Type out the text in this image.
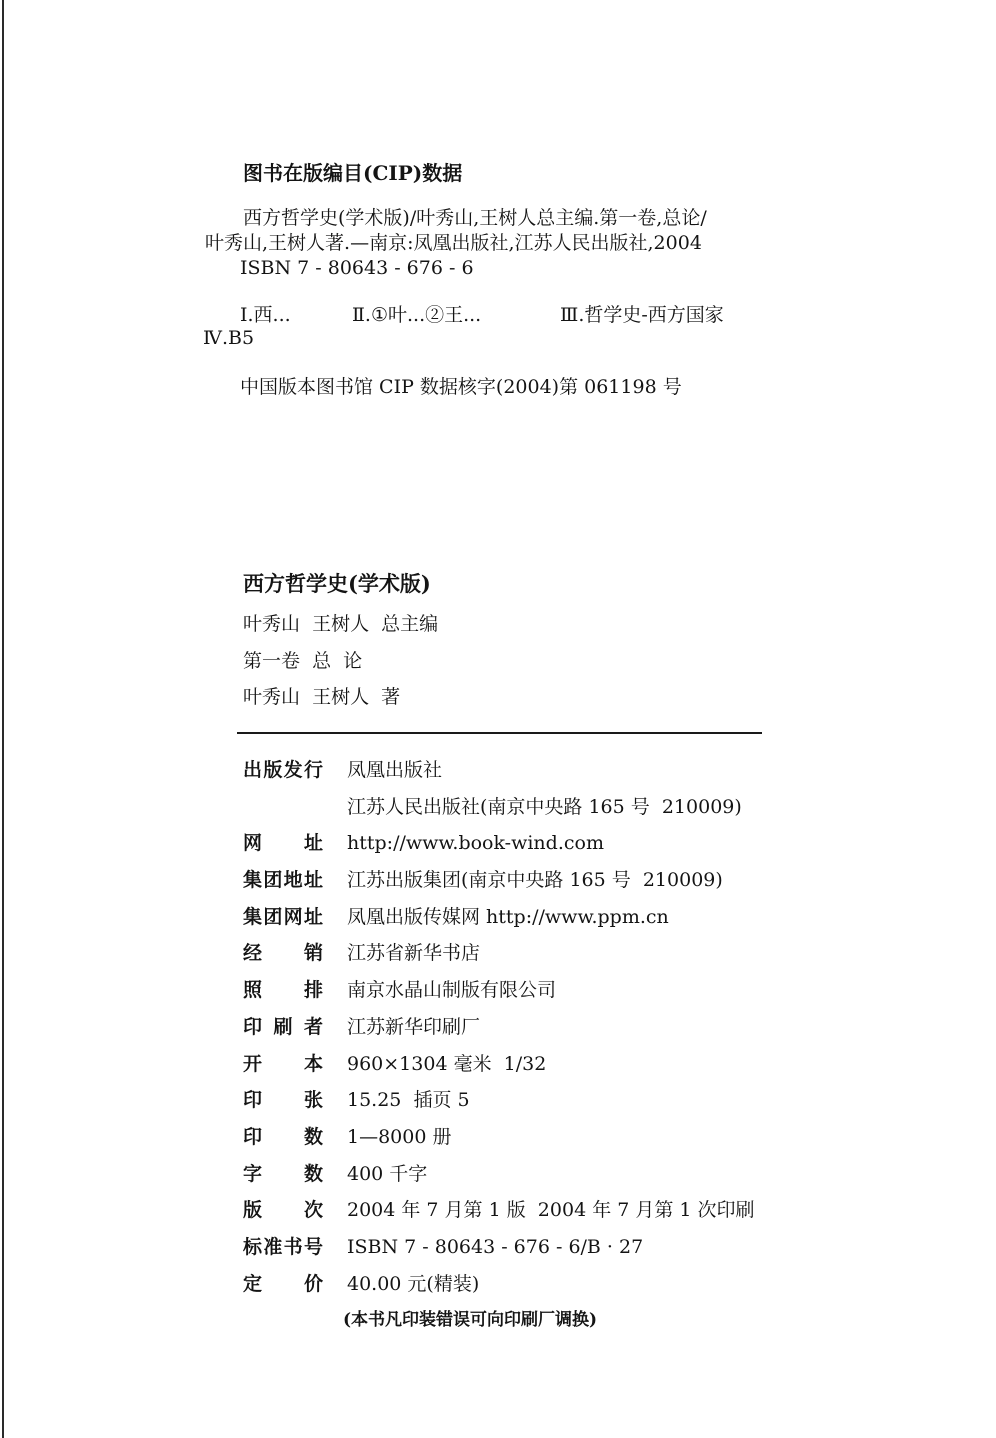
图书在版编目(CIP)数据
西方哲学史(学术版)/叶秀山,王树人总主编.第一卷,总论/
叶秀山,王树人著.—南京:凤凰出版社,江苏人民出版社,2004
ISBN 7 - 80643 - 676 - 6
Ⅰ.西...	Ⅱ.①叶...②王...	Ⅲ.哲学史-西方国家
Ⅳ.B5
中国版本图书馆 CIP 数据核字(2004)第 061198 号
西方哲学史(学术版)
叶秀山  王树人  总主编
第一卷  总  论
叶秀山  王树人  著
出版发行 凤凰出版社
江苏人民出版社(南京中央路 165 号  210009)
网 址 http://www.book-wind.com
集团地址 江苏出版集团(南京中央路 165 号  210009)
集团网址 凤凰出版传媒网 http://www.ppm.cn
经 销 江苏省新华书店
照 排 南京水晶山制版有限公司
印 刷 者 江苏新华印刷厂
开 本 960×1304 毫米  1/32
印 张 15.25  插页 5
印 数 1—8000 册
字 数 400 千字
版 次 2004 年 7 月第 1 版  2004 年 7 月第 1 次印刷
标准书号 ISBN 7 - 80643 - 676 - 6/B · 27
定 价 40.00 元(精装)
(本书凡印装错误可向印刷厂调换)
